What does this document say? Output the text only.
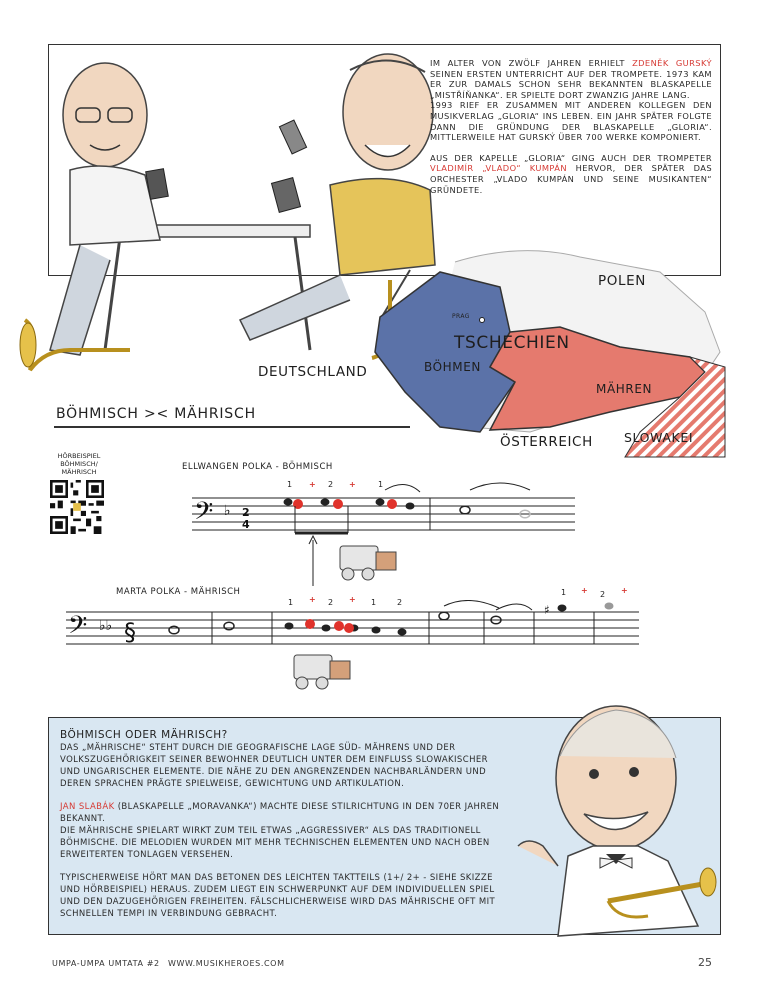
IM ALTER VON ZWÖLF JAHREN ERHIELT ZDENĚK GURSKÝ SEINEN ERSTEN UNTERRICHT AUF DER TROMPETE. 1973 KAM ER ZUR DAMALS SCHON SEHR BEKANNTEN BLASKAPELLE „MISTŘÍŇANKA“. ER SPIELTE DORT ZWANZIG JAHRE LANG.

1993 RIEF ER ZUSAMMEN MIT ANDEREN KOLLEGEN DEN MUSIKVERLAG „GLORIA“ INS LEBEN. EIN JAHR SPÄTER FOLGTE DANN DIE GRÜNDUNG DER BLASKAPELLE „GLORIA“. MITTLERWEILE HAT GURSKÝ ÜBER 700 WERKE KOMPONIERT.

AUS DER KAPELLE „GLORIA“ GING AUCH DER TROMPETER VLADIMÍR „VLADO“ KUMPÁN HERVOR, DER SPÄTER DAS ORCHESTER „VLADO KUMPÁN UND SEINE MUSIKANTEN“ GRÜNDETE.

POLEN
PRAG
TSCHECHIEN
DEUTSCHLAND	BÖHMEN
MÄHREN
ÖSTERREICH SLOWAKEI
BÖHMISCH >< MÄHRISCH
HÖRBEISPIEL BÖHMISCH/ MÄHRISCH	ELLWANGEN POLKA - BÖHMISCH
𝄢 ♭ 2
4
1 + 2 +	1
MARTA POLKA - MÄHRISCH
𝄢 ♭♭ §
♯
1 + 2 + 1	2
1 + 2 +
BÖHMISCH ODER MÄHRISCH?

DAS „MÄHRISCHE“ STEHT DURCH DIE GEOGRAFISCHE LAGE SÜD- MÄHRENS UND DER VOLKSZUGEHÖRIGKEIT SEINER BEWOHNER DEUTLICH UNTER DEM EINFLUSS SLOWAKISCHER UND UNGARISCHER ELEMENTE. DIE NÄHE ZU DEN ANGRENZENDEN NACHBARLÄNDERN UND DEREN SPRACHEN PRÄGTE SPIELWEISE, GEWICHTUNG UND ARTIKULATION.

JAN SLABÁK (BLASKAPELLE „MORAVANKA“) MACHTE DIESE STILRICHTUNG IN DEN 70ER JAHREN BEKANNT.
DIE MÄHRISCHE SPIELART WIRKT ZUM TEIL ETWAS „AGGRESSIVER“ ALS DAS TRADITIONELL BÖHMISCHE. DIE MELODIEN WURDEN MIT MEHR TECHNISCHEN ELEMENTEN UND NACH OBEN ERWEITERTEN TONLAGEN VERSEHEN.

TYPISCHERWEISE HÖRT MAN DAS BETONEN DES LEICHTEN TAKTTEILS (1+/ 2+ - SIEHE SKIZZE UND HÖRBEISPIEL) HERAUS. ZUDEM LIEGT EIN SCHWERPUNKT AUF DEM INDIVIDUELLEN SPIEL UND DEN DAZUGEHÖRIGEN FREIHEITEN. FÄLSCHLICHERWEISE WIRD DAS MÄHRISCHE OFT MIT SCHNELLEN TEMPI IN VERBINDUNG GEBRACHT.

UMPA-UMPA UMTATA #2 WWW.MUSIKHEROES.COM	25
